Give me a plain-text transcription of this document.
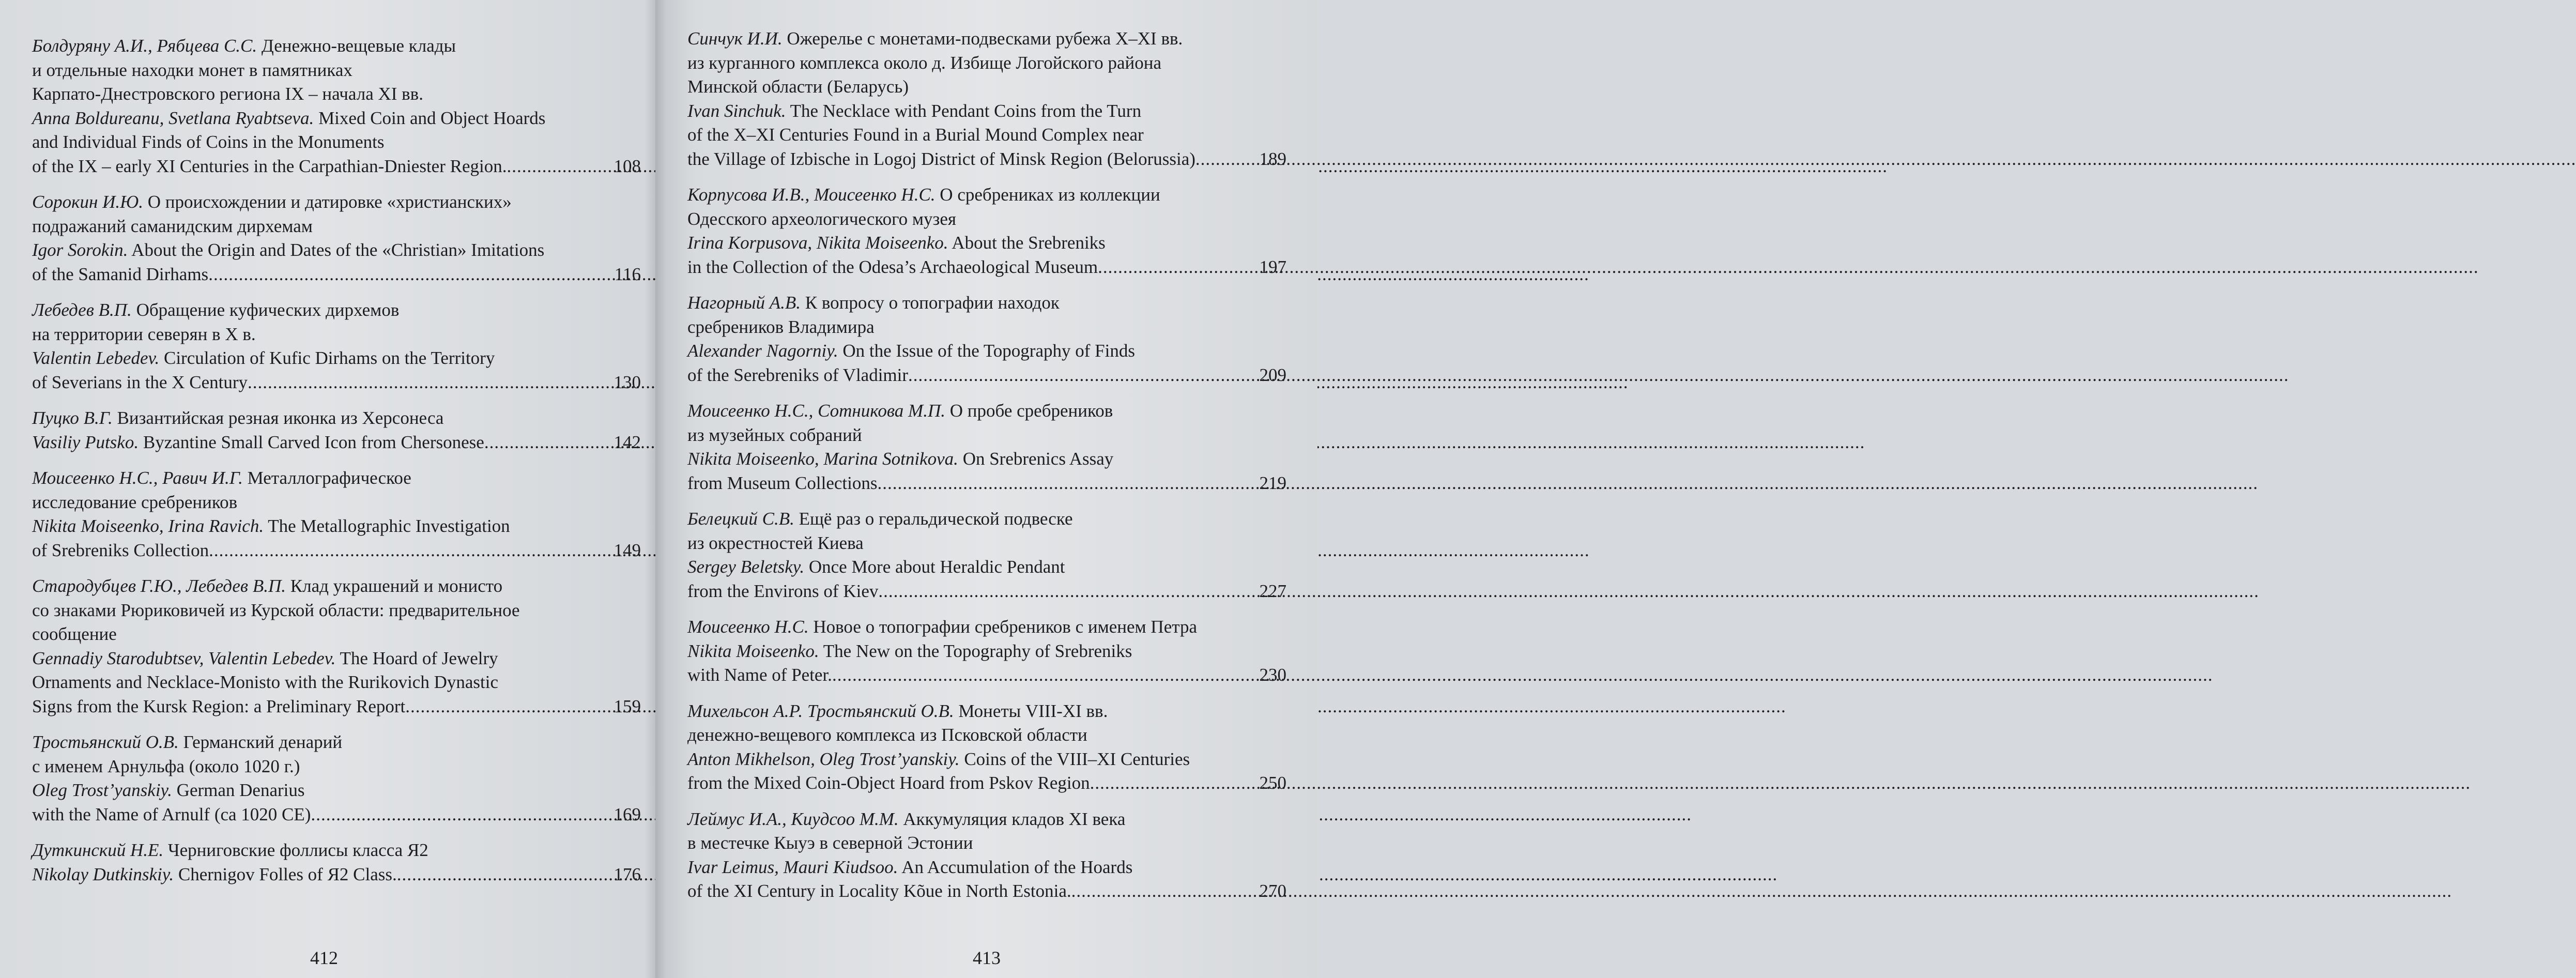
Болдуряну А.И., Рябцева С.С. Денежно-вещевые клады
и отдельные находки монет в памятниках
Карпато-Днестровского региона IX – начала XI вв.
Anna Boldureanu, Svetlana Ryabtseva. Mixed Coin and Object Hoards
and Individual Finds of Coins in the Monuments
of the IX – early XI Centuries in the Carpathian-Dniester Region. .....	108
Сорокин И.Ю. О происхождении и датировке «христианских»
подражаний саманидским дирхемам
Igor Sorokin. About the Origin and Dates of the «Christian» Imitations
of the Samanid Dirhams .....	116
Лебедев В.П. Обращение куфических дирхемов
на территории северян в X в.
Valentin Lebedev. Circulation of Kufic Dirhams on the Territory
of Severians in the X Century .....	130
Пуцко В.Г. Византийская резная иконка из Херсонеса
Vasiliy Putsko. Byzantine Small Carved Icon from Chersonese .....	142
Моисеенко Н.С., Равич И.Г. Металлографическое
исследование сребреников
Nikita Moiseenko, Irina Ravich. The Metallographic Investigation
of Srebreniks Collection .....	149
Стародубцев Г.Ю., Лебедев В.П. Клад украшений и монисто
со знаками Рюриковичей из Курской области: предварительное
сообщение
Gennadiy Starodubtsev, Valentin Lebedev. The Hoard of Jewelry
Ornaments and Necklace-Monisto with the Rurikovich Dynastic
Signs from the Kursk Region: a Preliminary Report .....	159
Тростьянский О.В. Германский денарий
с именем Арнульфа (около 1020 г.)
Oleg Trost’yanskiy. German Denarius
with the Name of Arnulf (ca 1020 CE) .....	169
Дуткинский Н.Е. Черниговские фоллисы класса Я2
Nikolay Dutkinskiy. Chernigov Folles of Я2 Class. .....	176
412
Синчук И.И. Ожерелье с монетами-подвесками рубежа X–XI вв.
из курганного комплекса около д. Избище Логойского района
Минской области (Беларусь)
Ivan Sinchuk. The Necklace with Pendant Coins from the Turn
of the X–XI Centuries Found in a Burial Mound Complex near
the Village of Izbische in Logoj District of Minsk Region (Belorussia) .....	189
Корпусова И.В., Моисеенко Н.С. О сребрениках из коллекции
Одесского археологического музея
Irina Korpusova, Nikita Moiseenko. About the Srebreniks
in the Collection of the Odesa’s Archaeological Museum .....	197
Нагорный А.В. К вопросу о топографии находок
сребреников Владимира
Alexander Nagorniy. On the Issue of the Topography of Finds
of the Serebreniks of Vladimir .....	209
Моисеенко Н.С., Сотникова М.П. О пробе сребреников
из музейных собраний
Nikita Moiseenko, Marina Sotnikova. On Srebrenics Assay
from Museum Collections .....	219
Белецкий С.В. Ещё раз о геральдической подвеске
из окрестностей Киева
Sergey Beletsky. Once More about Heraldic Pendant
from the Environs of Kiev .....	227
Моисеенко Н.С. Новое о топографии сребреников с именем Петра
Nikita Moiseenko. The New on the Topography of Srebreniks
with Name of Peter. .....	230
Михельсон А.Р. Тростьянский О.В. Монеты VIII-XI вв.
денежно-вещевого комплекса из Псковской области
Anton Mikhelson, Oleg Trost’yanskiy. Coins of the VIII–XI Centuries
from the Mixed Coin-Object Hoard from Pskov Region .....	250
Леймус И.А., Киудсоо М.М. Аккумуляция кладов XI века
в местечке Кыуэ в северной Эстонии
Ivar Leimus, Mauri Kiudsoo. An Accumulation of the Hoards
of the XI Century in Locality Kõue in North Estonia. .....	270
413
